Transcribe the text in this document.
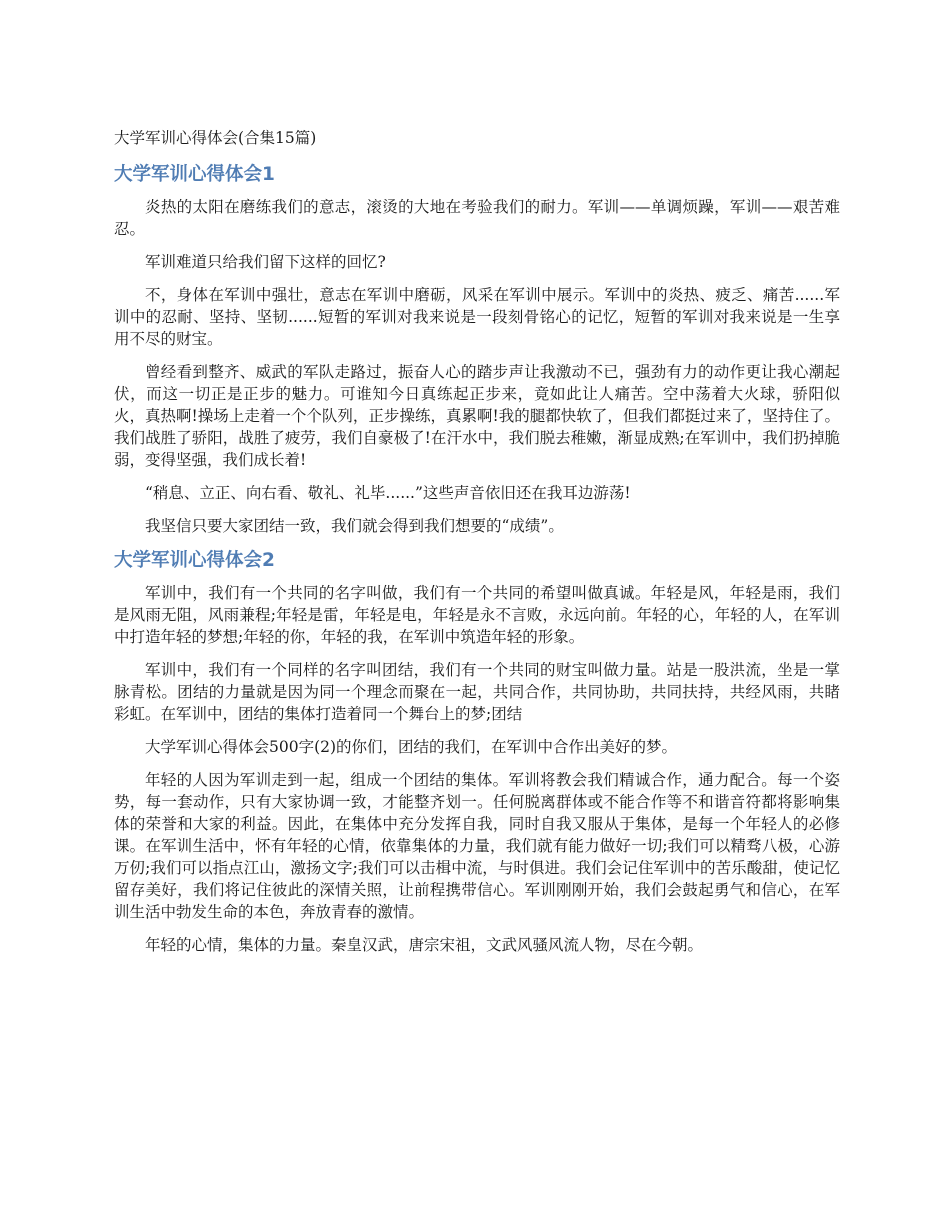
大学军训心得体会(合集15篇)
大学军训心得体会1

炎热的太阳在磨练我们的意志，滚烫的大地在考验我们的耐力。军训——单调烦躁，军训——艰苦难忍。

军训难道只给我们留下这样的回忆?

不，身体在军训中强壮，意志在军训中磨砺，风采在军训中展示。军训中的炎热、疲乏、痛苦......军训中的忍耐、坚持、坚韧......短暂的军训对我来说是一段刻骨铭心的记忆，短暂的军训对我来说是一生享用不尽的财宝。

曾经看到整齐、威武的军队走路过，振奋人心的踏步声让我激动不已，强劲有力的动作更让我心潮起伏，而这一切正是正步的魅力。可谁知今日真练起正步来，竟如此让人痛苦。空中荡着大火球，骄阳似火，真热啊!操场上走着一个个队列，正步操练，真累啊!我的腿都快软了，但我们都挺过来了，坚持住了。我们战胜了骄阳，战胜了疲劳，我们自豪极了!在汗水中，我们脱去稚嫩，渐显成熟;在军训中，我们扔掉脆弱，变得坚强，我们成长着!

“稍息、立正、向右看、敬礼、礼毕......”这些声音依旧还在我耳边游荡!

我坚信只要大家团结一致，我们就会得到我们想要的“成绩”。

大学军训心得体会2

军训中，我们有一个共同的名字叫做，我们有一个共同的希望叫做真诚。年轻是风，年轻是雨，我们是风雨无阻，风雨兼程;年轻是雷，年轻是电，年轻是永不言败，永远向前。年轻的心，年轻的人，在军训中打造年轻的梦想;年轻的你，年轻的我，在军训中筑造年轻的形象。

军训中，我们有一个同样的名字叫团结，我们有一个共同的财宝叫做力量。站是一股洪流，坐是一掌脉青松。团结的力量就是因为同一个理念而聚在一起，共同合作，共同协助，共同扶持，共经风雨，共睹彩虹。在军训中，团结的集体打造着同一个舞台上的梦;团结

大学军训心得体会500字(2)的你们，团结的我们，在军训中合作出美好的梦。

年轻的人因为军训走到一起，组成一个团结的集体。军训将教会我们精诚合作，通力配合。每一个姿势，每一套动作，只有大家协调一致，才能整齐划一。任何脱离群体或不能合作等不和谐音符都将影响集体的荣誉和大家的利益。因此，在集体中充分发挥自我，同时自我又服从于集体，是每一个年轻人的必修课。在军训生活中，怀有年轻的心情，依靠集体的力量，我们就有能力做好一切;我们可以精骛八极，心游万仞;我们可以指点江山，激扬文字;我们可以击楫中流，与时俱进。我们会记住军训中的苦乐酸甜，使记忆留存美好，我们将记住彼此的深情关照，让前程携带信心。军训刚刚开始，我们会鼓起勇气和信心，在军训生活中勃发生命的本色，奔放青春的激情。

年轻的心情，集体的力量。秦皇汉武，唐宗宋祖，文武风骚风流人物，尽在今朝。
